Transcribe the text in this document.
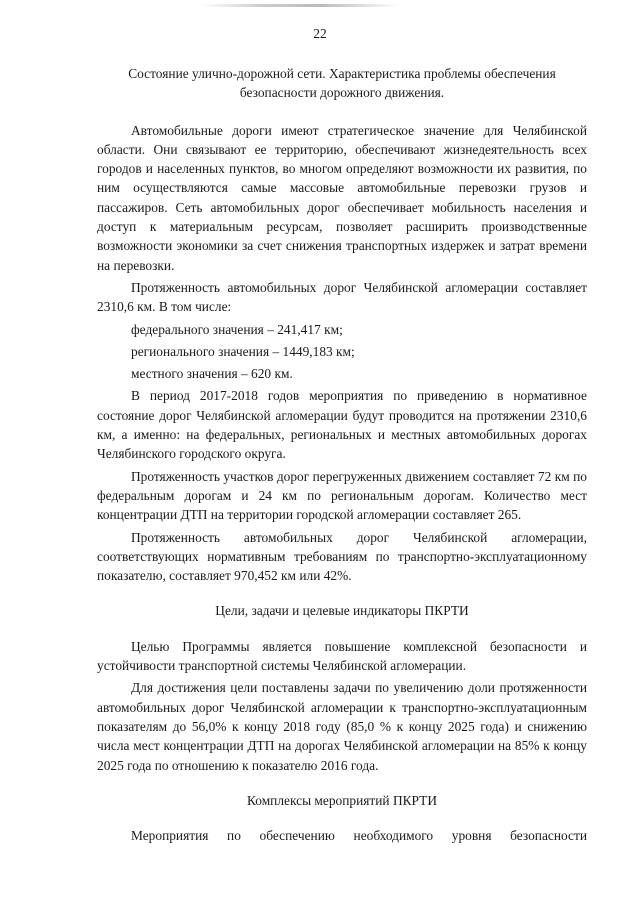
22
Состояние улично-дорожной сети. Характеристика проблемы обеспечения безопасности дорожного движения.

Автомобильные дороги имеют стратегическое значение для Челябинской области. Они связывают ее территорию, обеспечивают жизнедеятельность всех городов и населенных пунктов, во многом определяют возможности их развития, по ним осуществляются самые массовые автомобильные перевозки грузов и пассажиров. Сеть автомобильных дорог обеспечивает мобильность населения и доступ к материальным ресурсам, позволяет расширить производственные возможности экономики за счет снижения транспортных издержек и затрат времени на перевозки.

Протяженность автомобильных дорог Челябинской агломерации составляет 2310,6 км. В том числе:

федерального значения – 241,417 км;
регионального значения – 1449,183 км;
местного значения – 620 км.

В период 2017-2018 годов мероприятия по приведению в нормативное состояние дорог Челябинской агломерации будут проводится на протяжении 2310,6 км, а именно: на федеральных, региональных и местных автомобильных дорогах Челябинского городского округа.

Протяженность участков дорог перегруженных движением составляет 72 км по федеральным дорогам и 24 км по региональным дорогам. Количество мест концентрации ДТП на территории городской агломерации составляет 265.

Протяженность автомобильных дорог Челябинской агломерации, соответствующих нормативным требованиям по транспортно-эксплуатационному показателю, составляет 970,452 км или 42%.

Цели, задачи и целевые индикаторы ПКРТИ

Целью Программы является повышение комплексной безопасности и устойчивости транспортной системы Челябинской агломерации.

Для достижения цели поставлены задачи по увеличению доли протяженности автомобильных дорог Челябинской агломерации к транспортно-эксплуатационным показателям до 56,0% к концу 2018 году (85,0 % к концу 2025 года) и снижению числа мест концентрации ДТП на дорогах Челябинской агломерации на 85% к концу 2025 года по отношению к показателю 2016 года.

Комплексы мероприятий ПКРТИ

Мероприятия по обеспечению необходимого уровня безопасности
